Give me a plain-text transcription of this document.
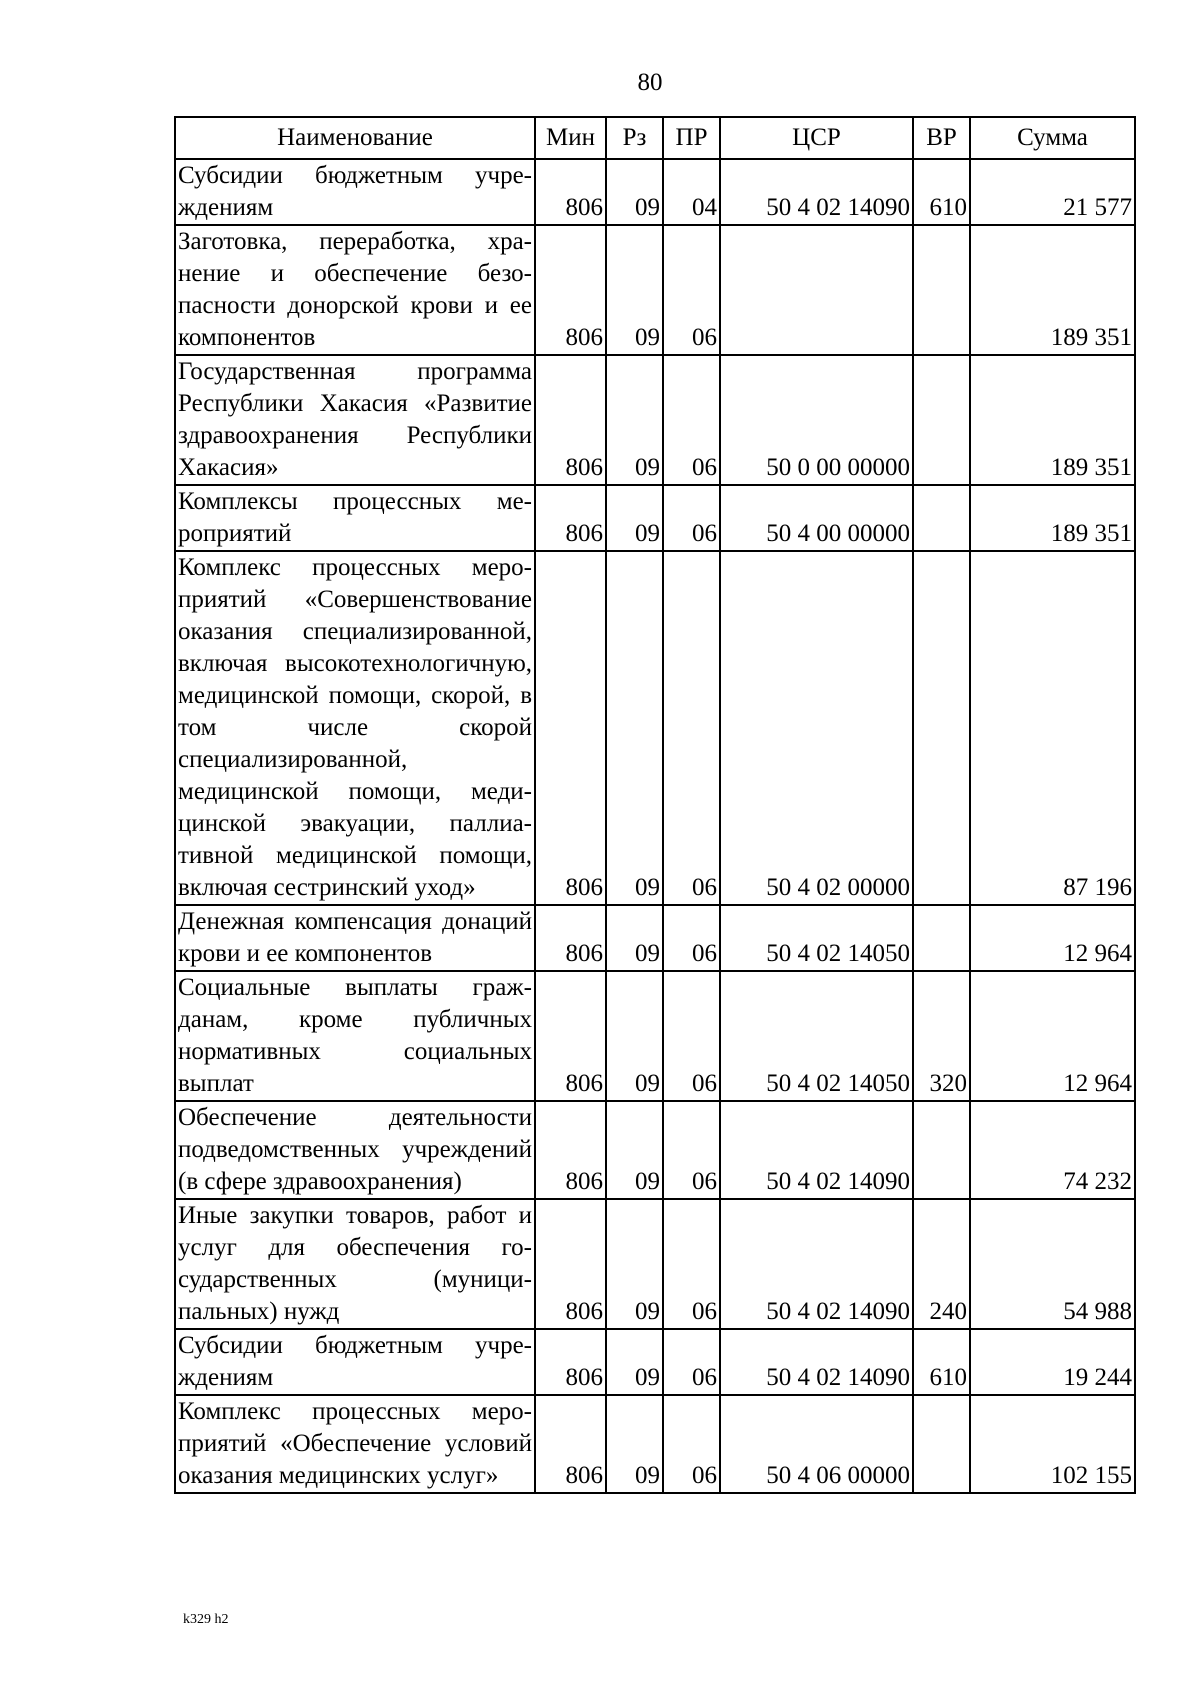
80
Наименование	Мин	Рз	ПР	ЦСР	ВР	Сумма
Субсидии бюджетным учреждениям	806	09	04	50 4 02 14090	610	21 577
Заготовка, переработка, хранение и обеспечение безопасности донорской крови и ее компонентов	806	09	06			189 351
Государственная программа Республики Хакасия «Развитие здравоохранения Республики Хакасия»	806	09	06	50 0 00 00000		189 351
Комплексы процессных мероприятий	806	09	06	50 4 00 00000		189 351
Комплекс процессных мероприятий «Совершенствование оказания специализированной, включая высокотехнологичную, медицинской помощи, скорой, в том числе скорой специализированной, медицинской помощи, медицинской эвакуации, паллиативной медицинской помощи, включая сестринский уход»	806	09	06	50 4 02 00000		87 196
Денежная компенсация донаций крови и ее компонентов	806	09	06	50 4 02 14050		12 964
Социальные выплаты гражданам, кроме публичных нормативных социальных выплат	806	09	06	50 4 02 14050	320	12 964
Обеспечение деятельности подведомственных учреждений (в сфере здравоохранения)	806	09	06	50 4 02 14090		74 232
Иные закупки товаров, работ и услуг для обеспечения государственных (муниципальных) нужд	806	09	06	50 4 02 14090	240	54 988
Субсидии бюджетным учреждениям	806	09	06	50 4 02 14090	610	19 244
Комплекс процессных мероприятий «Обеспечение условий оказания медицинских услуг»	806	09	06	50 4 06 00000		102 155
k329 h2
